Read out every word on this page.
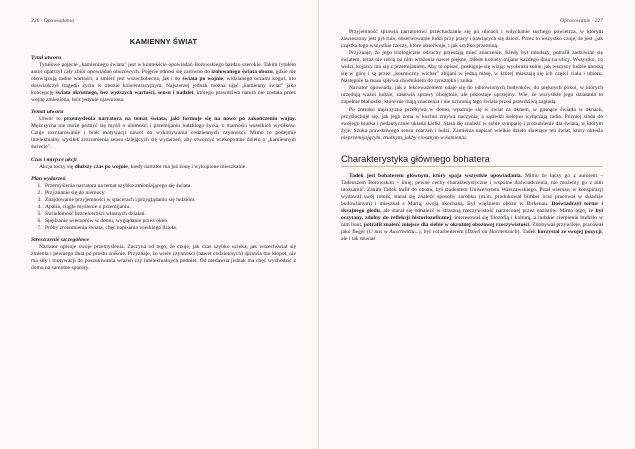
226 · Opowiadania
KAMIENNY ŚWIAT
Tytuł utworu

Tytułowe pojęcie „kamiennego świata" jest w kontekście opowiadań Borowskiego bardzo szerokie. Takim tytułem autor opatrzył cały zbiór opowiadań obozowych. Pojęcie odnosi się zarówno do izolowanego świata obozu, gdzie nie obowiązują żadne wartości, a śmierć jest wszechobecna, jak i do świata po wojnie, widzianego oczami kogoś, kto doświadczył tragedii życia w obozie koncentracyjnym. Najszerzej jednak można ująć „kamienny świat" jako koncepcję świata okrutnego, bez wyższych wartości, sensu i nadziei, którego prawdziwa natura nie została przez wojnę zmieniona, lecz jedynie ujawniona.

Temat utworu

Utwór to przemyślenia narratora na temat świata, jaki formuje się na nowo po zakończeniu wojny. Mężczyzna nie może pozbyć się myśli o ulotności i przemijaniu ludzkiego życia, o marności wszelkich wysiłków. Czuje rozczarowanie i brak motywacji nawet do wykonywania codziennych czynności. Mimo to podejmie intelektualny wysiłek zrozumienia sensu dziejących się wydarzeń, aby stworzyć wiekopomne dzieło o „kamiennym świecie".

Czas i miejsce akcji

Akcja toczy się dłuższy czas po wojnie, kiedy narrator ma już żonę i wykupione mieszkanie.

Plan wydarzeń
1. Przemyślenia narratora na temat szybko zmieniającego się świata.
2. Przyznanie się do niemocy.
3. Znajdowanie przyjemności w spacerach i przyglądaniu się ludziom.
4. Apatia, ciągłe myślenie o przemijaniu.
5. Świadomość bezcelowości własnych działań.
6. Spędzanie wieczorów w domu, wyglądanie przez okno.
7. Próby zrozumienia świata, chęć napisania wielkiego dzieła.
Streszczenie szczegółowe

Narrator opisuje swoje przemyślenia. Zaczyna od tego, że czuje, jak czas szybko ucieka, jak wszechświat się zmienia i pewnego dnia po prostu zniknie. Przyznaje, że wiele czynności (nawet codziennych) sprawia mu kłopot, nie ma siły i motywacji do poszukiwania wrażeń czy intelektualnych podniet. Od niedawna jednak ma chęć wychodzić z domu na samotne spacery.

Opracowanie · 227

Przyjemność sprawia narratorowi przechadzanie się po ulicach i wdychanie suchego powietrza, w którym zawieszony jest pył ruin, obserwowanie ludzi przy pracy i bawiących się dzieci. Przez to wszystko czuje, że jest „jak cząstka tego wszystkie rzeczy, które obserwuje, i jak szybko przeminą.

Przyznaje, że jego biologiczne odruchy przestają mieć znaczenie. Kiedy był młodszy, potrafił zadziwiać się światem, teraz nie robią na nim wrażenia nawet piękne, młode kobiety mijane każdego dnia na ulicy. Wszystko, co widzi, kojarzy mu się z przemijaniem. Aby to opisać, posługuje się wizją: wyobraża sobie, jak wszyscy ludzie unoszą się w górę i są przez „kosmiczny wicher" zbijani w jedną masę, w której mieszają się ich części ciała i ubioru. Następnie ta masa spływa chodnikiem do rynsztoka i znika.

Narrator opowiada, jak z lekceważeniem udaje się do odnowionych budynków, do pięknych pokoi, w których urzędują ważni ludzie, załatwia sprawy obojętnie, ale pozostaje uprzejmy. Wie, że wszystkie jego działania to zupełnie błahostki, które nie mają znaczenia i nie uchronią tego świata przed prawdziwą zagładą.

Po zmroku mężczyzna przebywa w domu, wpatruje się w świat za oknem, w gasnące światła w oknach, przysłuchuje się, jak jego żona w kuchni zmywa naczynia, a sąsiedzi kolejno wyłączają radia. Później siada do swojego biurka i pedantycznie układa kartki. Stara się znaleźć w sobie sympatię i zrozumienie dla świata, w którym żyje. Szuka prawdziwego sensu zdarzeń i ludzi. Zamierza napisać wielkie dzieło sławiące ten świat, który określa nieprzemijającym, trudnym, jakby ciosanym w kamieniu.

Charakterystyka głównego bohatera

Tadek jest bohaterem głównym, który spaja wszystkie opowiadania. Mimo że łączy go z autorem – Tadeuszem Borowskim – imię, pewne cechy charakterystyczne i wspólne doświadczenia, nie możemy go z nim utożsamić. Zanim Tadek trafił do obozu, był studentem Uniwersytetu Warszawskiego. Pisał wiersze, w konspiracji wydawał swój tomik, starał się znaleźć sposoby zarobku (m.in. produkował bimber oraz pracował w składzie budowlanym) i mieszkał z Marią, swoją ukochaną. Był więźniem obozu w Birkenau. Doświadczył tortur i skrajnego głodu, ale starał się odnaleźć w straszną rzeczywistość narzuconej przez nazistów. Mimo tego, że był oczytany, zdolny do refleksji historiozoficznej, interesował się filozofią i kulturą, a ludzkie cierpienie budziło w nim bunt, potrafił znaleźć miejsce dla siebie w okrutnej obozowej rzeczywistości. Zdobywał przywileje, pracował jako fleger (U nas w Auschwitzu...), był vorarbeiterem (Dzień na Harmenzach). Tadek korzystał ze swojej pozycji, ale i tak musiał
